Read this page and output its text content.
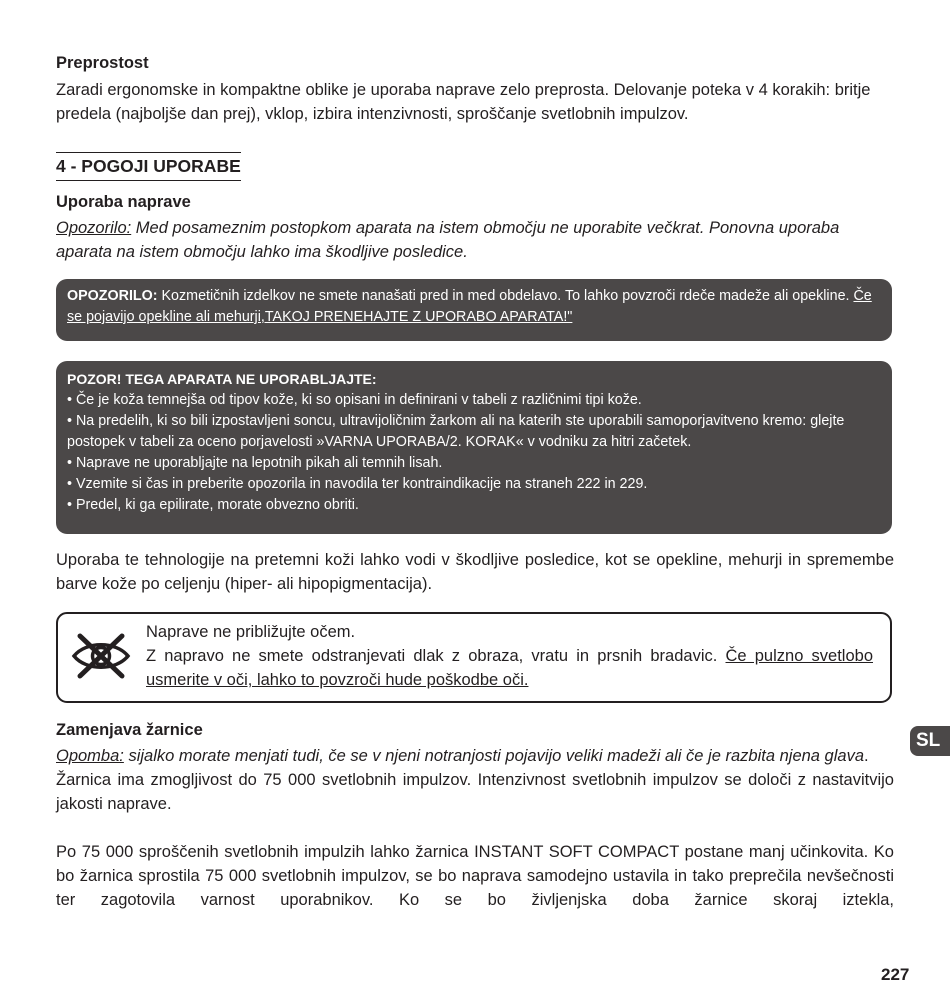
Preprostost
Zaradi ergonomske in kompaktne oblike je uporaba naprave zelo preprosta. Delovanje poteka v 4 korakih: britje predela (najboljše dan prej), vklop, izbira intenzivnosti, sproščanje svetlobnih impulzov.
4 - POGOJI UPORABE
Uporaba naprave
Opozorilo: Med posameznim postopkom aparata na istem območju ne uporabite večkrat. Ponovna uporaba aparata na istem območju lahko ima škodljive posledice.
OPOZORILO: Kozmetičnih izdelkov ne smete nanašati pred in med obdelavo. To lahko povzroči rdeče madeže ali opekline. Če se pojavijo opekline ali mehurji,TAKOJ PRENEHAJTE Z UPORABO APARATA!"
POZOR! TEGA APARATA NE UPORABLJAJTE:
• Če je koža temnejša od tipov kože, ki so opisani in definirani v tabeli z različnimi tipi kože.
• Na predelih, ki so bili izpostavljeni soncu, ultravijoličnim žarkom ali na katerih ste uporabili samoporjavitveno kremo: glejte postopek v tabeli za oceno porjavelosti »VARNA UPORABA/2. KORAK« v vodniku za hitri začetek.
• Naprave ne uporabljajte na lepotnih pikah ali temnih lisah.
• Vzemite si čas in preberite opozorila in navodila ter kontraindikacije na straneh 222 in 229.
• Predel, ki ga epilirate, morate obvezno obriti.
Uporaba te tehnologije na pretemni koži lahko vodi v škodljive posledice, kot se opekline, mehurji in spremembe barve kože po celjenju (hiper- ali hipopigmentacija).
Naprave ne približujte očem.
Z napravo ne smete odstranjevati dlak z obraza, vratu in prsnih bradavic. Če pulzno svetlobo usmerite v oči, lahko to povzroči hude poškodbe oči.
Zamenjava žarnice
Opomba: sijalko morate menjati tudi, če se v njeni notranjosti pojavijo veliki madeži ali če je razbita njena glava.
Žarnica ima zmogljivost do 75 000 svetlobnih impulzov. Intenzivnost svetlobnih impulzov se določi z nastavitvijo jakosti naprave.
Po 75 000 sproščenih svetlobnih impulzih lahko žarnica INSTANT SOFT COMPACT postane manj učinkovita. Ko bo žarnica sprostila 75 000 svetlobnih impulzov, se bo naprava samodejno ustavila in tako preprečila nevšečnosti ter zagotovila varnost uporabnikov. Ko se bo življenjska doba žarnice skoraj iztekla,
SL
227
